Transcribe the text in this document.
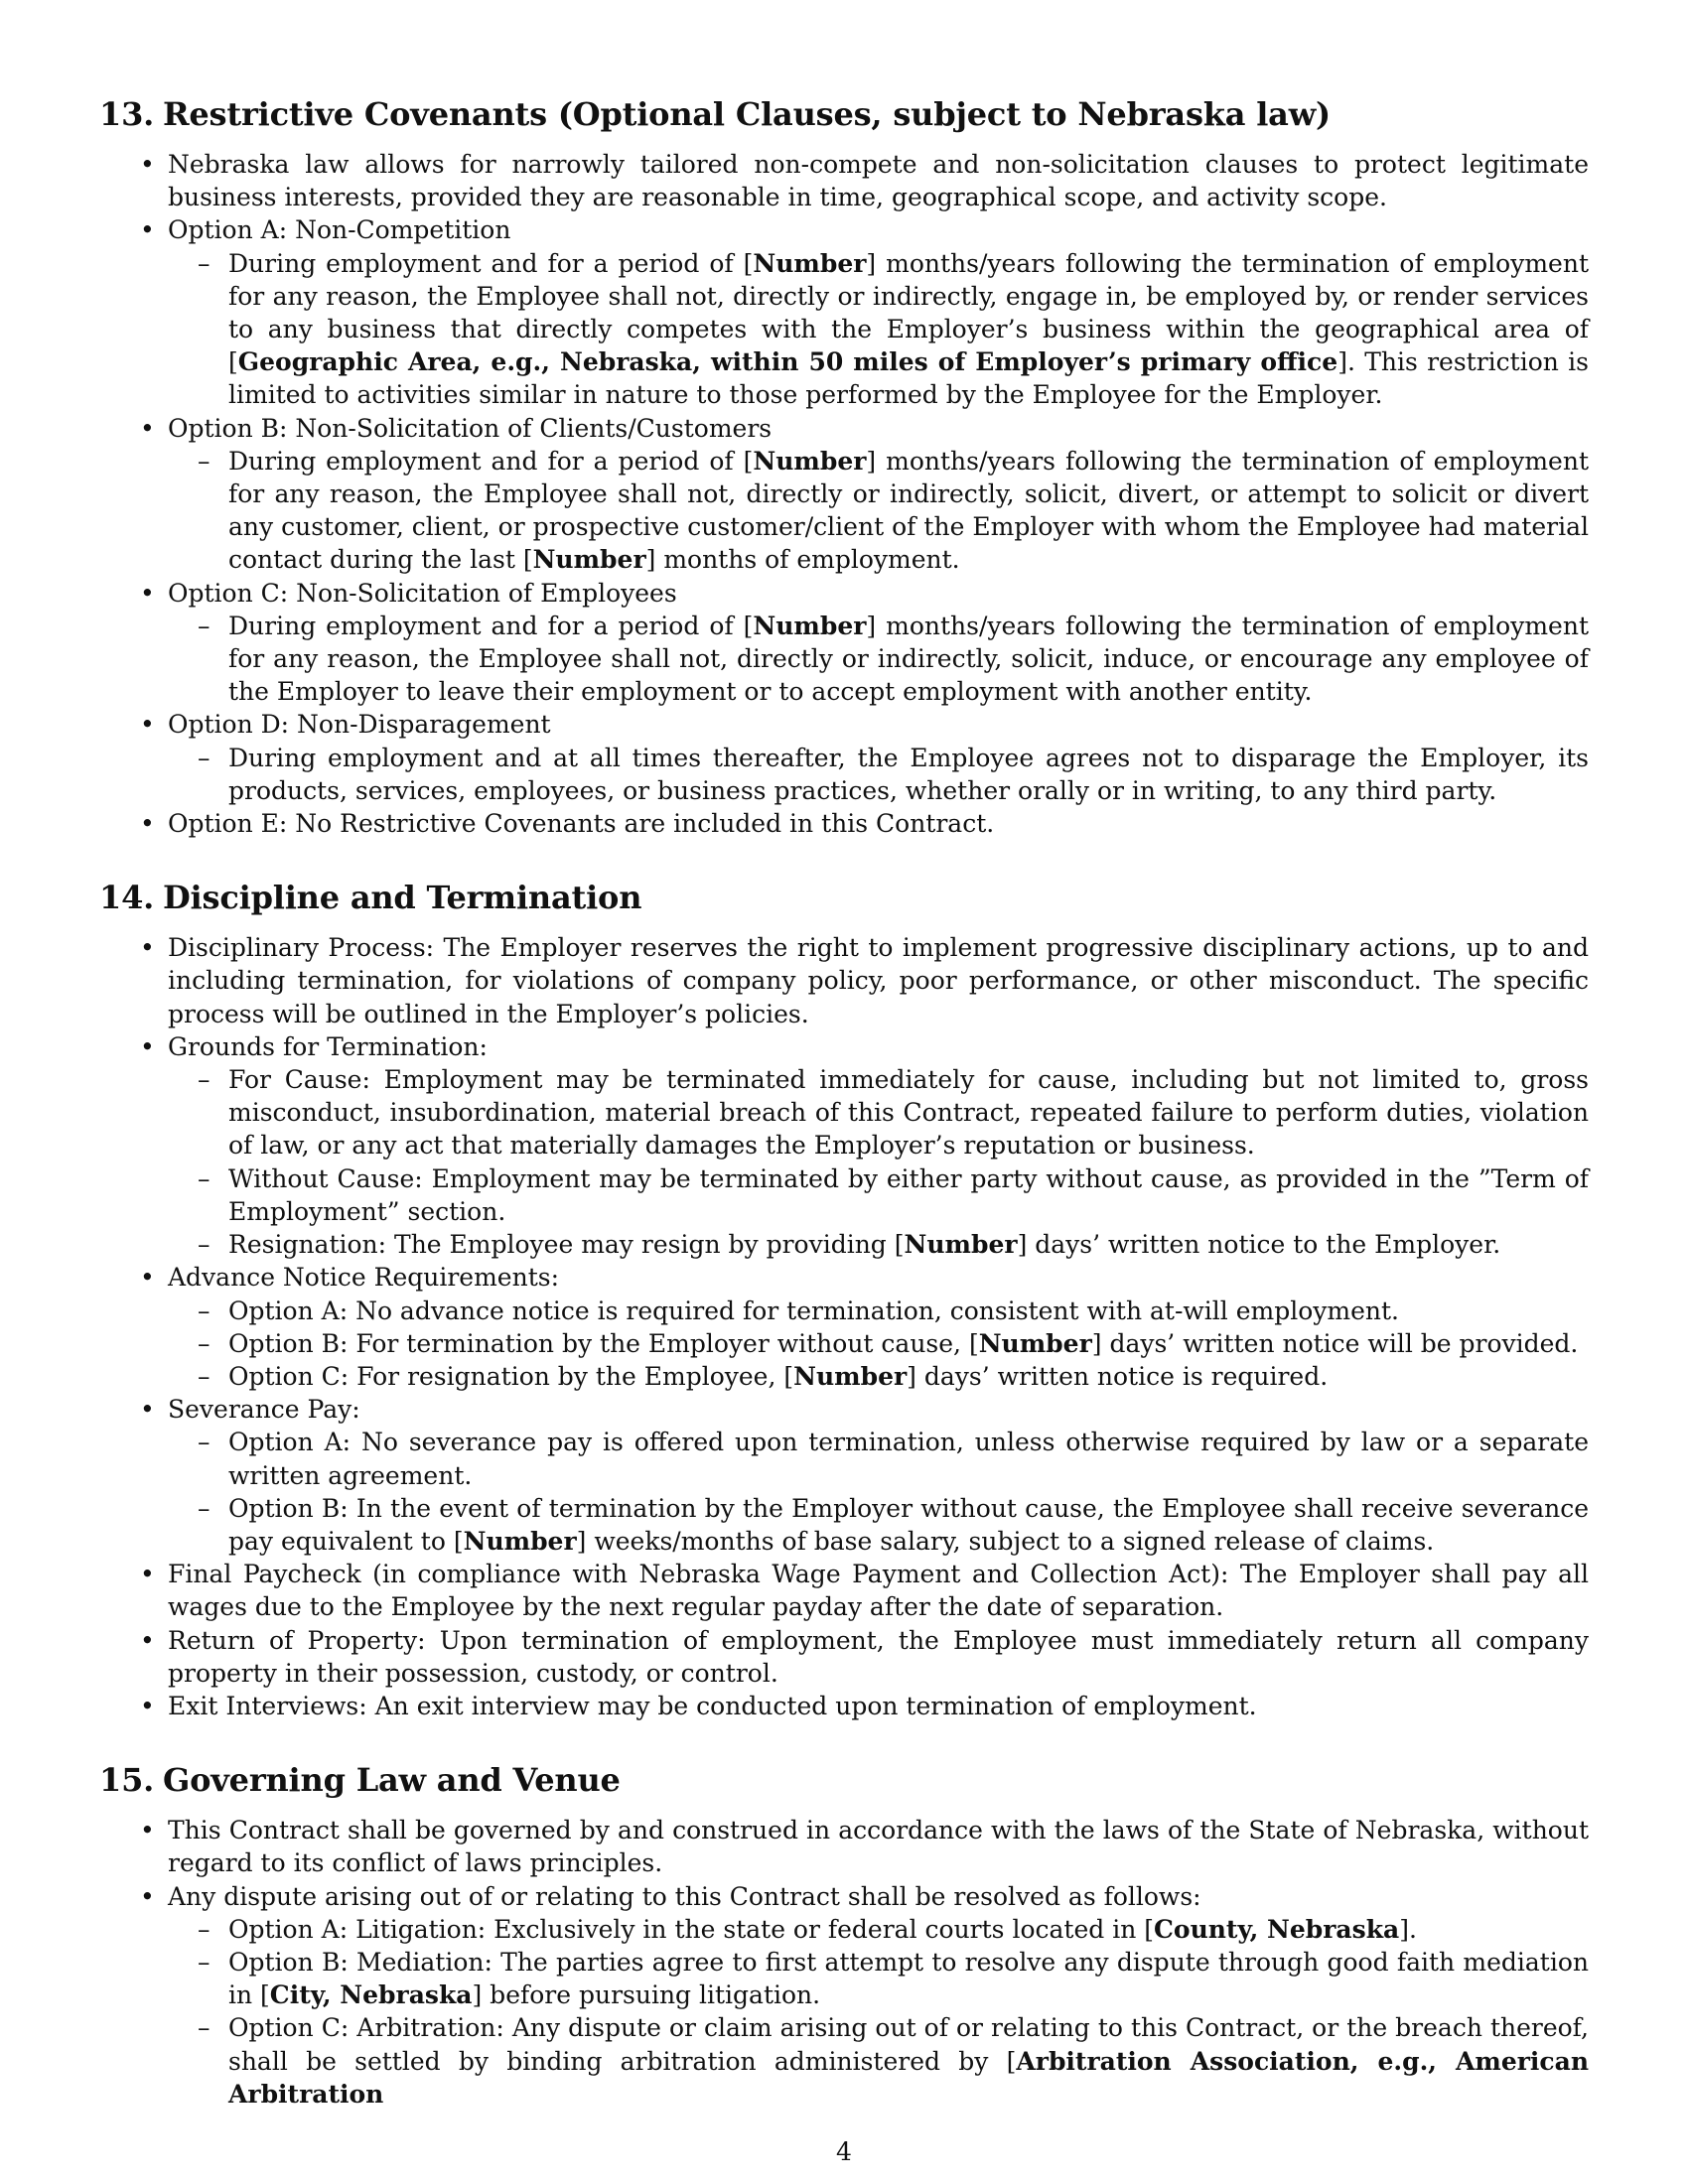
13. Restrictive Covenants (Optional Clauses, subject to Nebraska law)
• Nebraska law allows for narrowly tailored non-compete and non-solicitation clauses to protect legitimate business interests, provided they are reasonable in time, geographical scope, and activity scope.
• Option A: Non-Competition
– During employment and for a period of [Number] months/years following the termination of employment for any reason, the Employee shall not, directly or indirectly, engage in, be employed by, or render services to any business that directly competes with the Employer’s business within the geographical area of [Geographic Area, e.g., Nebraska, within 50 miles of Employer’s primary office]. This restriction is limited to activities similar in nature to those performed by the Employee for the Employer.
• Option B: Non-Solicitation of Clients/Customers
– During employment and for a period of [Number] months/years following the termination of employment for any reason, the Employee shall not, directly or indirectly, solicit, divert, or attempt to solicit or divert any customer, client, or prospective customer/client of the Employer with whom the Employee had material contact during the last [Number] months of employment.
• Option C: Non-Solicitation of Employees
– During employment and for a period of [Number] months/years following the termination of employment for any reason, the Employee shall not, directly or indirectly, solicit, induce, or encourage any employee of the Employer to leave their employment or to accept employment with another entity.
• Option D: Non-Disparagement
– During employment and at all times thereafter, the Employee agrees not to disparage the Employer, its products, services, employees, or business practices, whether orally or in writing, to any third party.
• Option E: No Restrictive Covenants are included in this Contract.
14. Discipline and Termination
• Disciplinary Process: The Employer reserves the right to implement progressive disciplinary actions, up to and including termination, for violations of company policy, poor performance, or other misconduct. The specific process will be outlined in the Employer’s policies.
• Grounds for Termination:
– For Cause: Employment may be terminated immediately for cause, including but not limited to, gross misconduct, insubordination, material breach of this Contract, repeated failure to perform duties, violation of law, or any act that materially damages the Employer’s reputation or business.
– Without Cause: Employment may be terminated by either party without cause, as provided in the ”Term of Employment” section.
– Resignation: The Employee may resign by providing [Number] days’ written notice to the Employer.
• Advance Notice Requirements:
– Option A: No advance notice is required for termination, consistent with at-will employment.
– Option B: For termination by the Employer without cause, [Number] days’ written notice will be provided.
– Option C: For resignation by the Employee, [Number] days’ written notice is required.
• Severance Pay:
– Option A: No severance pay is offered upon termination, unless otherwise required by law or a separate written agreement.
– Option B: In the event of termination by the Employer without cause, the Employee shall receive severance pay equivalent to [Number] weeks/months of base salary, subject to a signed release of claims.
• Final Paycheck (in compliance with Nebraska Wage Payment and Collection Act): The Employer shall pay all wages due to the Employee by the next regular payday after the date of separation.
• Return of Property: Upon termination of employment, the Employee must immediately return all company property in their possession, custody, or control.
• Exit Interviews: An exit interview may be conducted upon termination of employment.
15. Governing Law and Venue
• This Contract shall be governed by and construed in accordance with the laws of the State of Nebraska, without regard to its conflict of laws principles.
• Any dispute arising out of or relating to this Contract shall be resolved as follows:
– Option A: Litigation: Exclusively in the state or federal courts located in [County, Nebraska].
– Option B: Mediation: The parties agree to first attempt to resolve any dispute through good faith mediation in [City, Nebraska] before pursuing litigation.
– Option C: Arbitration: Any dispute or claim arising out of or relating to this Contract, or the breach thereof, shall be settled by binding arbitration administered by [Arbitration Association, e.g., American Arbitration
4
